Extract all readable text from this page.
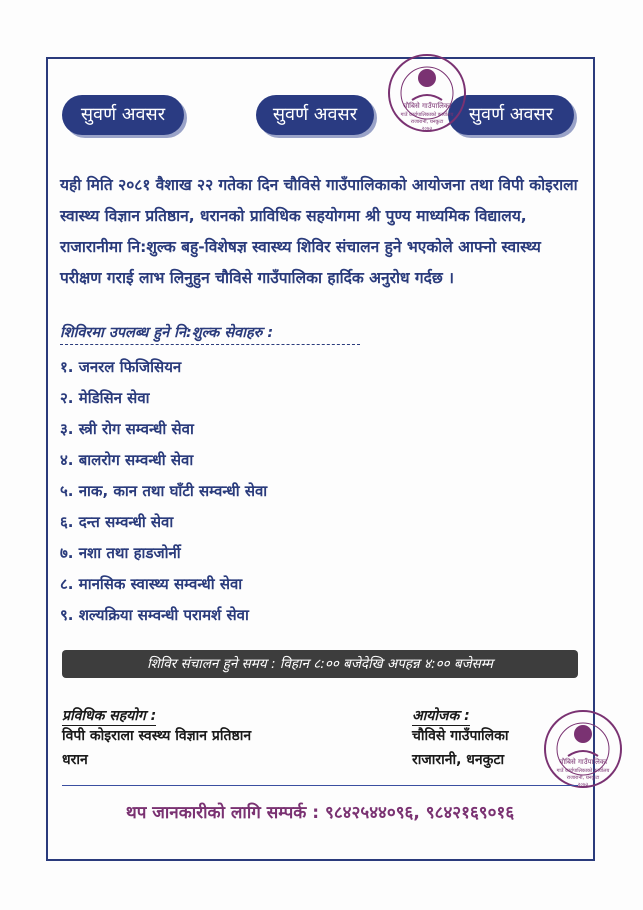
सुवर्ण अवसर	सुवर्ण अवसर	सुवर्ण अवसर
चौबिसे गाउँपालिका
गाउँ कार्यपालिकाको कार्यालय
राजारानी, धनकुटा
२०७३
यही मिति २०८१ वैशाख २२ गतेका दिन चौविसे गाउँपालिकाको आयोजना तथा विपी कोइराला स्वास्थ्य विज्ञान प्रतिष्ठान, धरानको प्राविधिक सहयोगमा श्री पुण्य माध्यमिक विद्यालय, राजारानीमा नि:शुल्क बहु-विशेषज्ञ स्वास्थ्य शिविर संचालन हुने भएकोले आफ्नो स्वास्थ्य परीक्षण गराई लाभ लिनुहुन चौविसे गाउँपालिका हार्दिक अनुरोध गर्दछ ।
शिविरमा उपलब्ध हुने नि:शुल्क सेवाहरु :
१. जनरल फिजिसियन
२. मेडिसिन सेवा
३. स्त्री रोग सम्वन्धी सेवा
४. बालरोग सम्वन्धी सेवा
५. नाक, कान तथा घाँटी सम्वन्धी सेवा
६. दन्त सम्वन्धी सेवा
७. नशा तथा हाडजोर्नी
८. मानसिक स्वास्थ्य सम्वन्धी सेवा
९. शल्यक्रिया सम्वन्धी परामर्श सेवा
शिविर संचालन हुने समय : विहान ८:०० बजेदेखि अपहन्न ४:०० बजेसम्म
प्रविधिक सहयोग :
विपी कोइराला स्वस्थ्य विज्ञान प्रतिष्ठान
धरान
आयोजक :
चौविसे गाउँपालिका
राजारानी, धनकुटा	चौबिसे गाउँपालिका
गाउँ कार्यपालिकाको कार्यालय
राजारानी, धनकुटा
२०७३
थप जानकारीको लागि सम्पर्क : ९८४२५४४०९६, ९८४२१६९०१६
